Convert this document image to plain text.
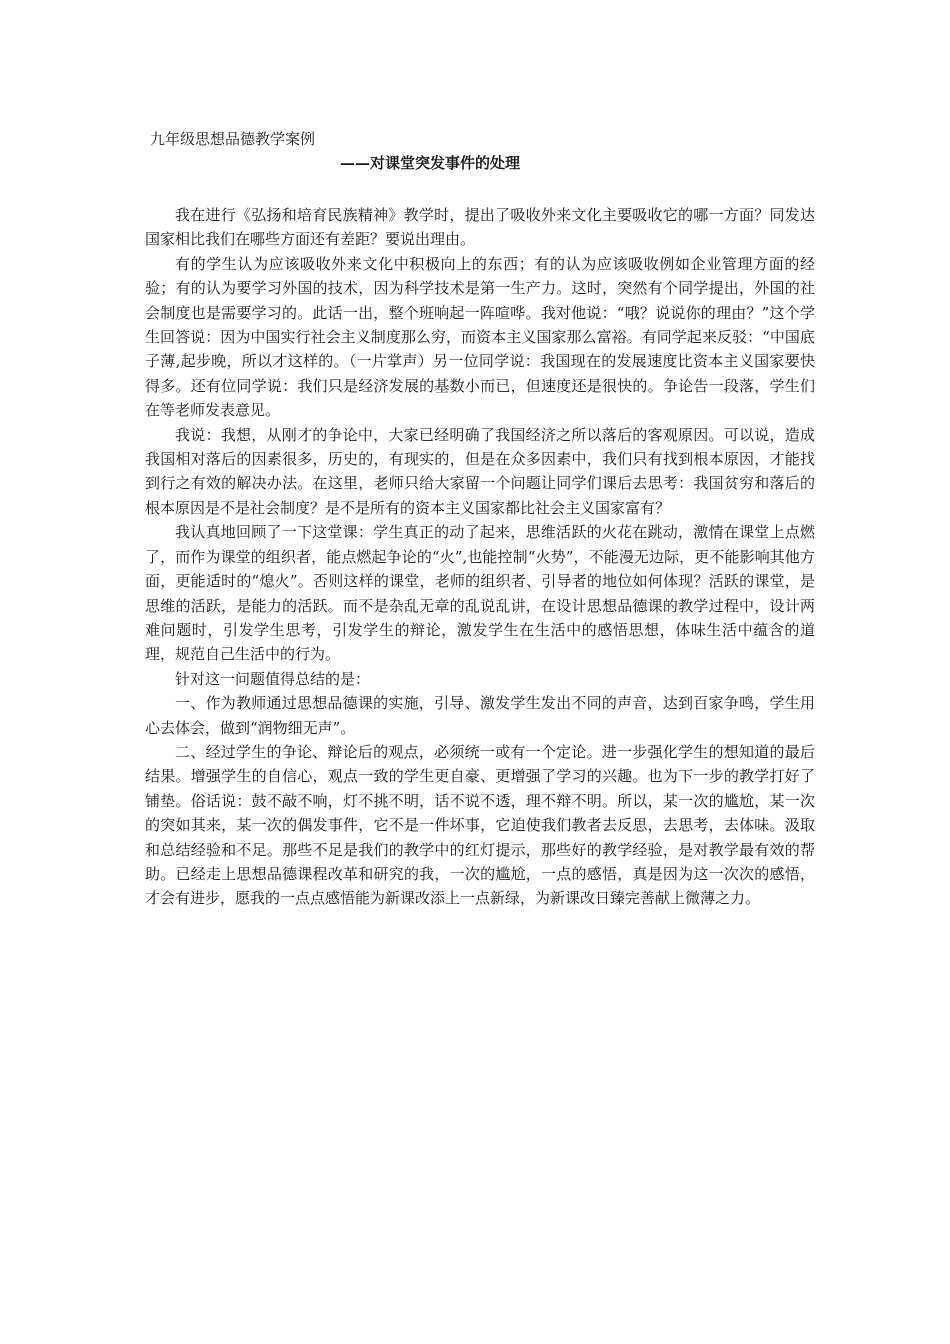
九年级思想品德教学案例
——对课堂突发事件的处理

我在进行《弘扬和培育民族精神》教学时，提出了吸收外来文化主要吸收它的哪一方面？同发达国家相比我们在哪些方面还有差距？要说出理由。

有的学生认为应该吸收外来文化中积极向上的东西；有的认为应该吸收例如企业管理方面的经验；有的认为要学习外国的技术，因为科学技术是第一生产力。这时，突然有个同学提出，外国的社会制度也是需要学习的。此话一出，整个班响起一阵喧哗。我对他说：“哦？说说你的理由？”这个学生回答说：因为中国实行社会主义制度那么穷，而资本主义国家那么富裕。有同学起来反驳：“中国底子薄,起步晚，所以才这样的。（一片掌声）另一位同学说：我国现在的发展速度比资本主义国家要快得多。还有位同学说：我们只是经济发展的基数小而已，但速度还是很快的。争论告一段落，学生们在等老师发表意见。

我说：我想，从刚才的争论中，大家已经明确了我国经济之所以落后的客观原因。可以说，造成我国相对落后的因素很多，历史的，有现实的，但是在众多因素中，我们只有找到根本原因，才能找到行之有效的解决办法。在这里，老师只给大家留一个问题让同学们课后去思考：我国贫穷和落后的根本原因是不是社会制度？是不是所有的资本主义国家都比社会主义国家富有？

我认真地回顾了一下这堂课：学生真正的动了起来，思维活跃的火花在跳动，激情在课堂上点燃了，而作为课堂的组织者，能点燃起争论的“火”,也能控制“火势”，不能漫无边际，更不能影响其他方面，更能适时的“熄火”。否则这样的课堂，老师的组织者、引导者的地位如何体现？活跃的课堂，是思维的活跃，是能力的活跃。而不是杂乱无章的乱说乱讲，在设计思想品德课的教学过程中，设计两难问题时，引发学生思考，引发学生的辩论，激发学生在生活中的感悟思想，体味生活中蕴含的道理，规范自己生活中的行为。

针对这一问题值得总结的是：

一、作为教师通过思想品德课的实施，引导、激发学生发出不同的声音，达到百家争鸣，学生用心去体会，做到“润物细无声”。

二、经过学生的争论、辩论后的观点，必须统一或有一个定论。进一步强化学生的想知道的最后结果。增强学生的自信心，观点一致的学生更自豪、更增强了学习的兴趣。也为下一步的教学打好了铺垫。俗话说：鼓不敲不响，灯不挑不明，话不说不透，理不辩不明。所以，某一次的尴尬，某一次的突如其来，某一次的偶发事件，它不是一件坏事，它迫使我们教者去反思，去思考，去体味。汲取和总结经验和不足。那些不足是我们的教学中的红灯提示，那些好的教学经验，是对教学最有效的帮助。已经走上思想品德课程改革和研究的我，一次的尴尬，一点的感悟，真是因为这一次次的感悟，才会有进步，愿我的一点点感悟能为新课改添上一点新绿，为新课改日臻完善献上微薄之力。
